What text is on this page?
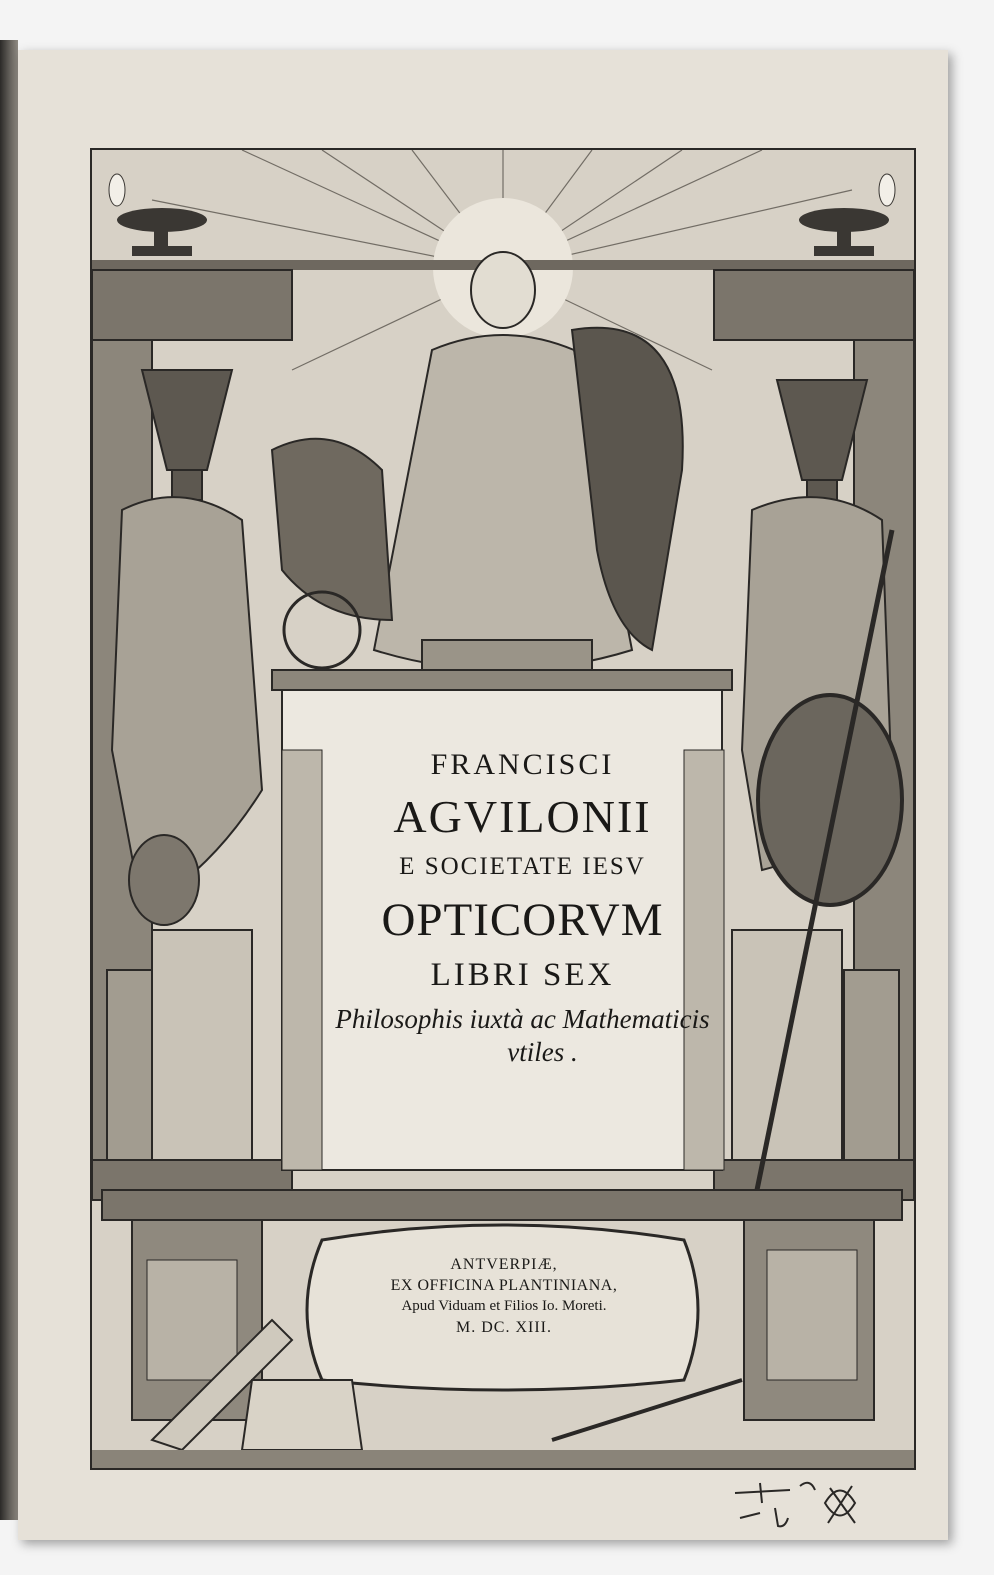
FRANCISCI
AGVILONII
E SOCIETATE IESV
OPTICORVM
LIBRI SEX
Philosophis iuxtà ac Mathematicis
vtiles .
ANTVERPIÆ,
EX OFFICINA PLANTINIANA,
Apud Viduam et Filios Io. Moreti.
M. DC. XIII.
